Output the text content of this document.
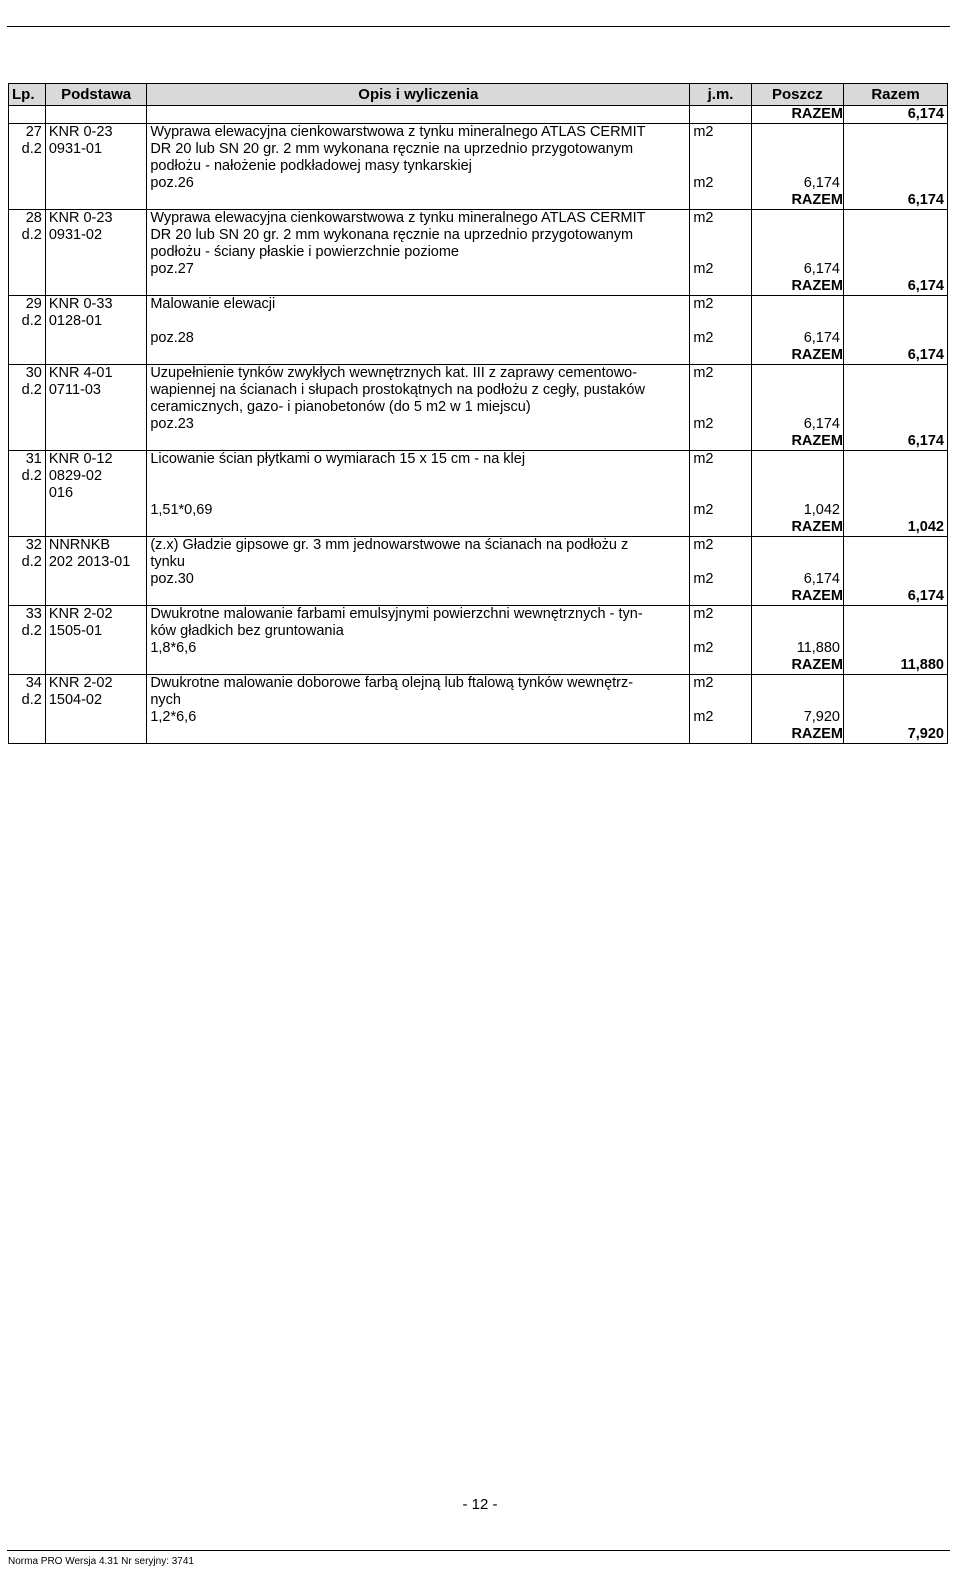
Szkoła Podstawowa w Kąkolewie 21.09 nakładczy	OBMIAR
Lp.	Podstawa	Opis i wyliczenia	j.m.	Poszcz	Razem
				RAZEM	6,174
27	KNR 0-23	Wyprawa elewacyjna cienkowarstwowa z tynku mineralnego ATLAS CERMIT	m2		
d.2	0931-01	DR 20 lub SN 20 gr. 2 mm wykonana ręcznie na uprzednio przygotowanym			
		podłożu - nałożenie podkładowej masy tynkarskiej			
		poz.26	m2	6,174	
				RAZEM	6,174
28	KNR 0-23	Wyprawa elewacyjna cienkowarstwowa z tynku mineralnego ATLAS CERMIT	m2		
d.2	0931-02	DR 20 lub SN 20 gr. 2 mm wykonana ręcznie na uprzednio przygotowanym			
		podłożu - ściany płaskie i powierzchnie poziome			
		poz.27	m2	6,174	
				RAZEM	6,174
29	KNR 0-33	Malowanie elewacji	m2		
d.2	0128-01				
		poz.28	m2	6,174	
				RAZEM	6,174
30	KNR 4-01	Uzupełnienie tynków zwykłych wewnętrznych kat. III z zaprawy cementowo-	m2		
d.2	0711-03	wapiennej na ścianach i słupach prostokątnych na podłożu z cegły, pustaków			
		ceramicznych, gazo- i pianobetonów (do 5 m2 w 1 miejscu)			
		poz.23	m2	6,174	
				RAZEM	6,174
31	KNR 0-12	Licowanie ścian płytkami o wymiarach 15 x 15 cm - na klej	m2		
d.2	0829-02				
	016				
		1,51*0,69	m2	1,042	
				RAZEM	1,042
32	NNRNKB	(z.x) Gładzie gipsowe gr. 3 mm jednowarstwowe na ścianach na podłożu z	m2		
d.2	202 2013-01	tynku			
		poz.30	m2	6,174	
				RAZEM	6,174
33	KNR 2-02	Dwukrotne malowanie farbami emulsyjnymi powierzchni wewnętrznych - tyn-	m2		
d.2	1505-01	ków gładkich bez gruntowania			
		1,8*6,6	m2	11,880	
				RAZEM	11,880
34	KNR 2-02	Dwukrotne malowanie doborowe farbą olejną lub ftalową tynków wewnętrz-	m2		
d.2	1504-02	nych			
		1,2*6,6	m2	7,920	
				RAZEM	7,920
- 12 -
Norma PRO Wersja 4.31 Nr seryjny: 3741
